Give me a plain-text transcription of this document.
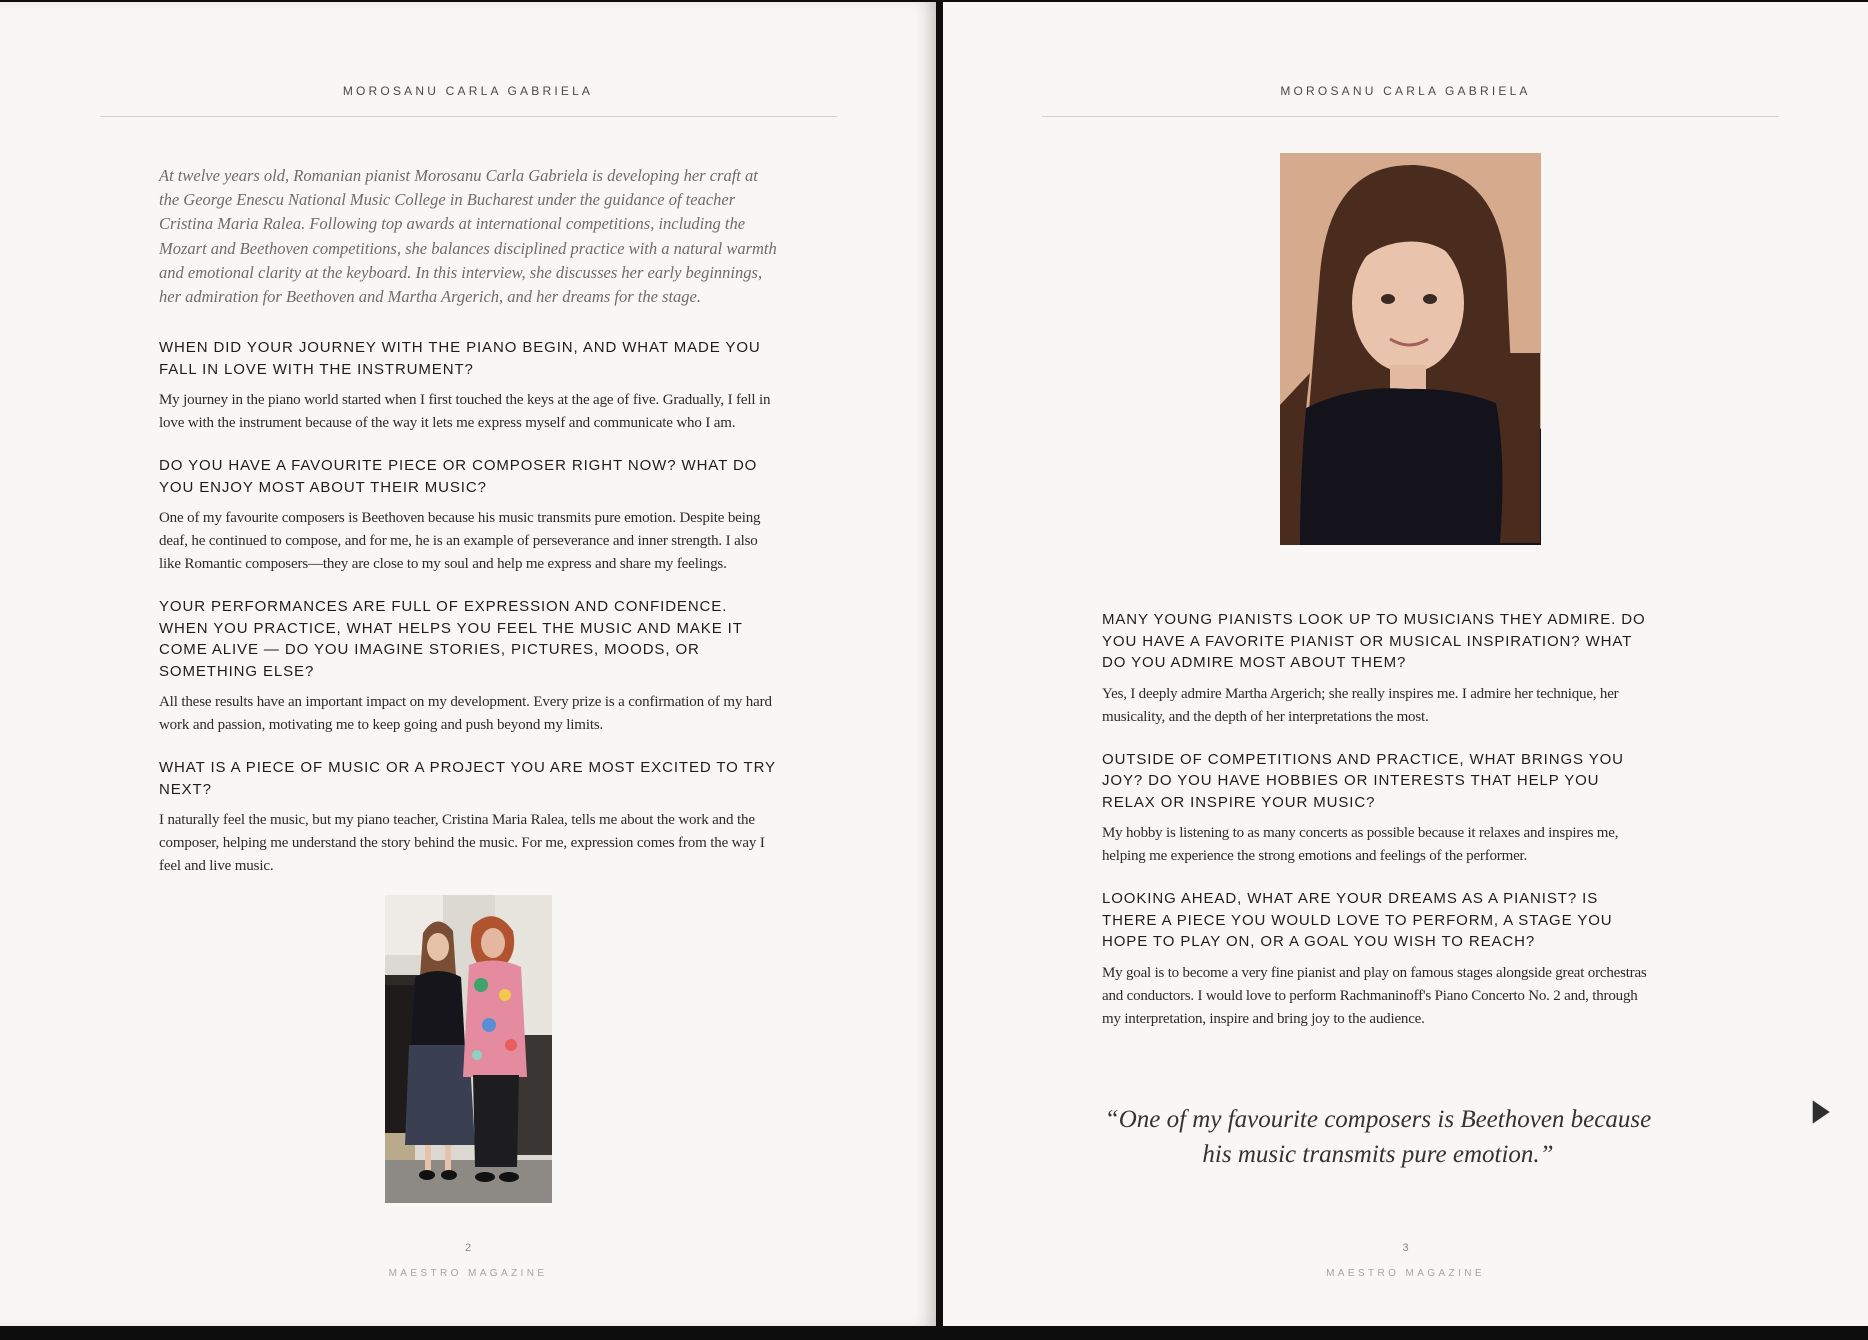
MOROSANU CARLA GABRIELA

At twelve years old, Romanian pianist Morosanu Carla Gabriela is developing her craft at the George Enescu National Music College in Bucharest under the guidance of teacher Cristina Maria Ralea. Following top awards at international competitions, including the Mozart and Beethoven competitions, she balances disciplined practice with a natural warmth and emotional clarity at the keyboard. In this interview, she discusses her early beginnings, her admiration for Beethoven and Martha Argerich, and her dreams for the stage.

WHEN DID YOUR JOURNEY WITH THE PIANO BEGIN, AND WHAT MADE YOU FALL IN LOVE WITH THE INSTRUMENT?

My journey in the piano world started when I first touched the keys at the age of five. Gradually, I fell in love with the instrument because of the way it lets me express myself and communicate who I am.

DO YOU HAVE A FAVOURITE PIECE OR COMPOSER RIGHT NOW? WHAT DO YOU ENJOY MOST ABOUT THEIR MUSIC?

One of my favourite composers is Beethoven because his music transmits pure emotion. Despite being deaf, he continued to compose, and for me, he is an example of perseverance and inner strength. I also like Romantic composers—they are close to my soul and help me express and share my feelings.

YOUR PERFORMANCES ARE FULL OF EXPRESSION AND CONFIDENCE. WHEN YOU PRACTICE, WHAT HELPS YOU FEEL THE MUSIC AND MAKE IT COME ALIVE — DO YOU IMAGINE STORIES, PICTURES, MOODS, OR SOMETHING ELSE?

All these results have an important impact on my development. Every prize is a confirmation of my hard work and passion, motivating me to keep going and push beyond my limits.

WHAT IS A PIECE OF MUSIC OR A PROJECT YOU ARE MOST EXCITED TO TRY NEXT?

I naturally feel the music, but my piano teacher, Cristina Maria Ralea, tells me about the work and the composer, helping me understand the story behind the music. For me, expression comes from the way I feel and live music.

2
MAESTRO MAGAZINE
MOROSANU CARLA GABRIELA

MANY YOUNG PIANISTS LOOK UP TO MUSICIANS THEY ADMIRE. DO YOU HAVE A FAVORITE PIANIST OR MUSICAL INSPIRATION? WHAT DO YOU ADMIRE MOST ABOUT THEM?

Yes, I deeply admire Martha Argerich; she really inspires me. I admire her technique, her musicality, and the depth of her interpretations the most.

OUTSIDE OF COMPETITIONS AND PRACTICE, WHAT BRINGS YOU JOY? DO YOU HAVE HOBBIES OR INTERESTS THAT HELP YOU RELAX OR INSPIRE YOUR MUSIC?

My hobby is listening to as many concerts as possible because it relaxes and inspires me, helping me experience the strong emotions and feelings of the performer.

LOOKING AHEAD, WHAT ARE YOUR DREAMS AS A PIANIST? IS THERE A PIECE YOU WOULD LOVE TO PERFORM, A STAGE YOU HOPE TO PLAY ON, OR A GOAL YOU WISH TO REACH?

My goal is to become a very fine pianist and play on famous stages alongside great orchestras and conductors. I would love to perform Rachmaninoff's Piano Concerto No. 2 and, through my interpretation, inspire and bring joy to the audience.

“One of my favourite composers is Beethoven because his music transmits pure emotion.”
3
MAESTRO MAGAZINE
